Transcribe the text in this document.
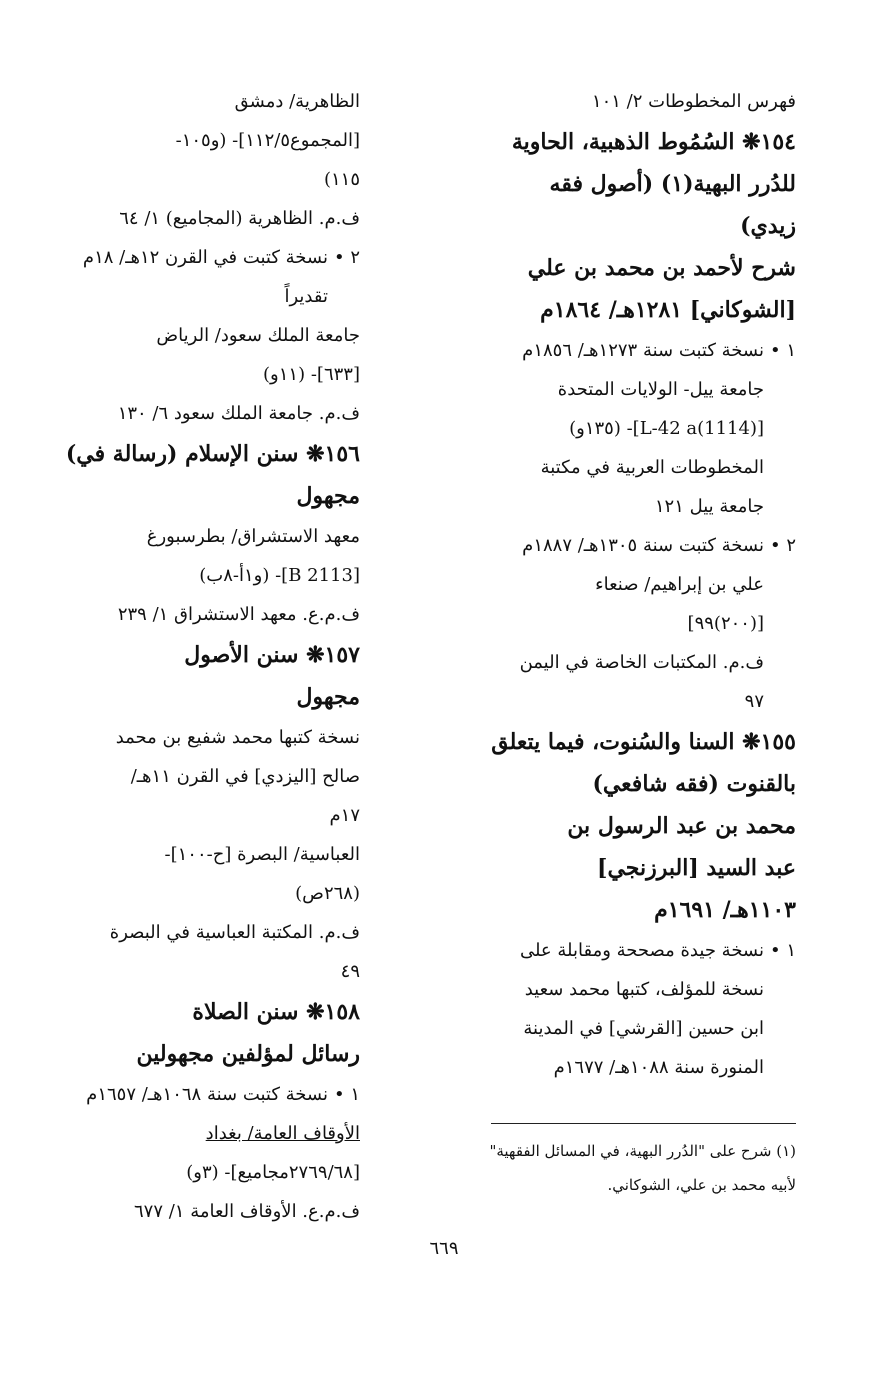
فهرس المخطوطات ٢/ ١٠١
١٥٤❋ السُمُوط الذهبية، الحاوية
للدُرر البهية(١) (أصول فقه
زيدي)
شرح لأحمد بن محمد بن علي
[الشوكاني] ١٢٨١هـ/ ١٨٦٤م
١ •
نسخة كتبت سنة ١٢٧٣هـ/ ١٨٥٦م
جامعة ييل- الولايات المتحدة
[(1114)L-42 a]- (١٣٥و)
المخطوطات العربية في مكتبة
جامعة ييل ١٢١
٢ •
نسخة كتبت سنة ١٣٠٥هـ/ ١٨٨٧م
علي بن إبراهيم/ صنعاء
[(٢٠٠)٩٩]
ف.م. المكتبات الخاصة في اليمن
٩٧
١٥٥❋ السنا والسُنوت، فيما يتعلق
بالقنوت (فقه شافعي)
محمد بن عبد الرسول بن
عبد السيد [البرزنجي]
١١٠٣هـ/ ١٦٩١م
١ •
نسخة جيدة مصححة ومقابلة على
نسخة للمؤلف، كتبها محمد سعيد
ابن حسين [القرشي] في المدينة
المنورة سنة ١٠٨٨هـ/ ١٦٧٧م
الظاهرية/ دمشق
[المجموع١١٢/٥]- (و١٠٥-
١١٥)
ف.م. الظاهرية (المجاميع) ١/ ٦٤
٢ •
نسخة كتبت في القرن ١٢هـ/ ١٨م
تقديراً
جامعة الملك سعود/ الرياض
[٦٣٣]- (١١و)
ف.م. جامعة الملك سعود ٦/ ١٣٠
١٥٦❋ سنن الإسلام (رسالة في)
مجهول
معهد الاستشراق/ بطرسبورغ
[B 2113]- (و١أ-٨ب)
ف.م.ع. معهد الاستشراق ١/ ٢٣٩
١٥٧❋ سنن الأصول
مجهول
نسخة كتبها محمد شفيع بن محمد
صالح [اليزدي] في القرن ١١هـ/
١٧م
العباسية/ البصرة [ح-١٠٠]-
(٢٦٨ص)
ف.م. المكتبة العباسية في البصرة
٤٩
١٥٨❋ سنن الصلاة
رسائل لمؤلفين مجهولين
١ •
نسخة كتبت سنة ١٠٦٨هـ/ ١٦٥٧م
الأوقاف العامة/ بغداد
[٢٧٦٩/٦٨مجاميع]- (٣و)
ف.م.ع. الأوقاف العامة ١/ ٦٧٧
(١) شرح على "الدُرر البهية، في المسائل الفقهية"
لأبيه محمد بن علي، الشوكاني.
٦٦٩
